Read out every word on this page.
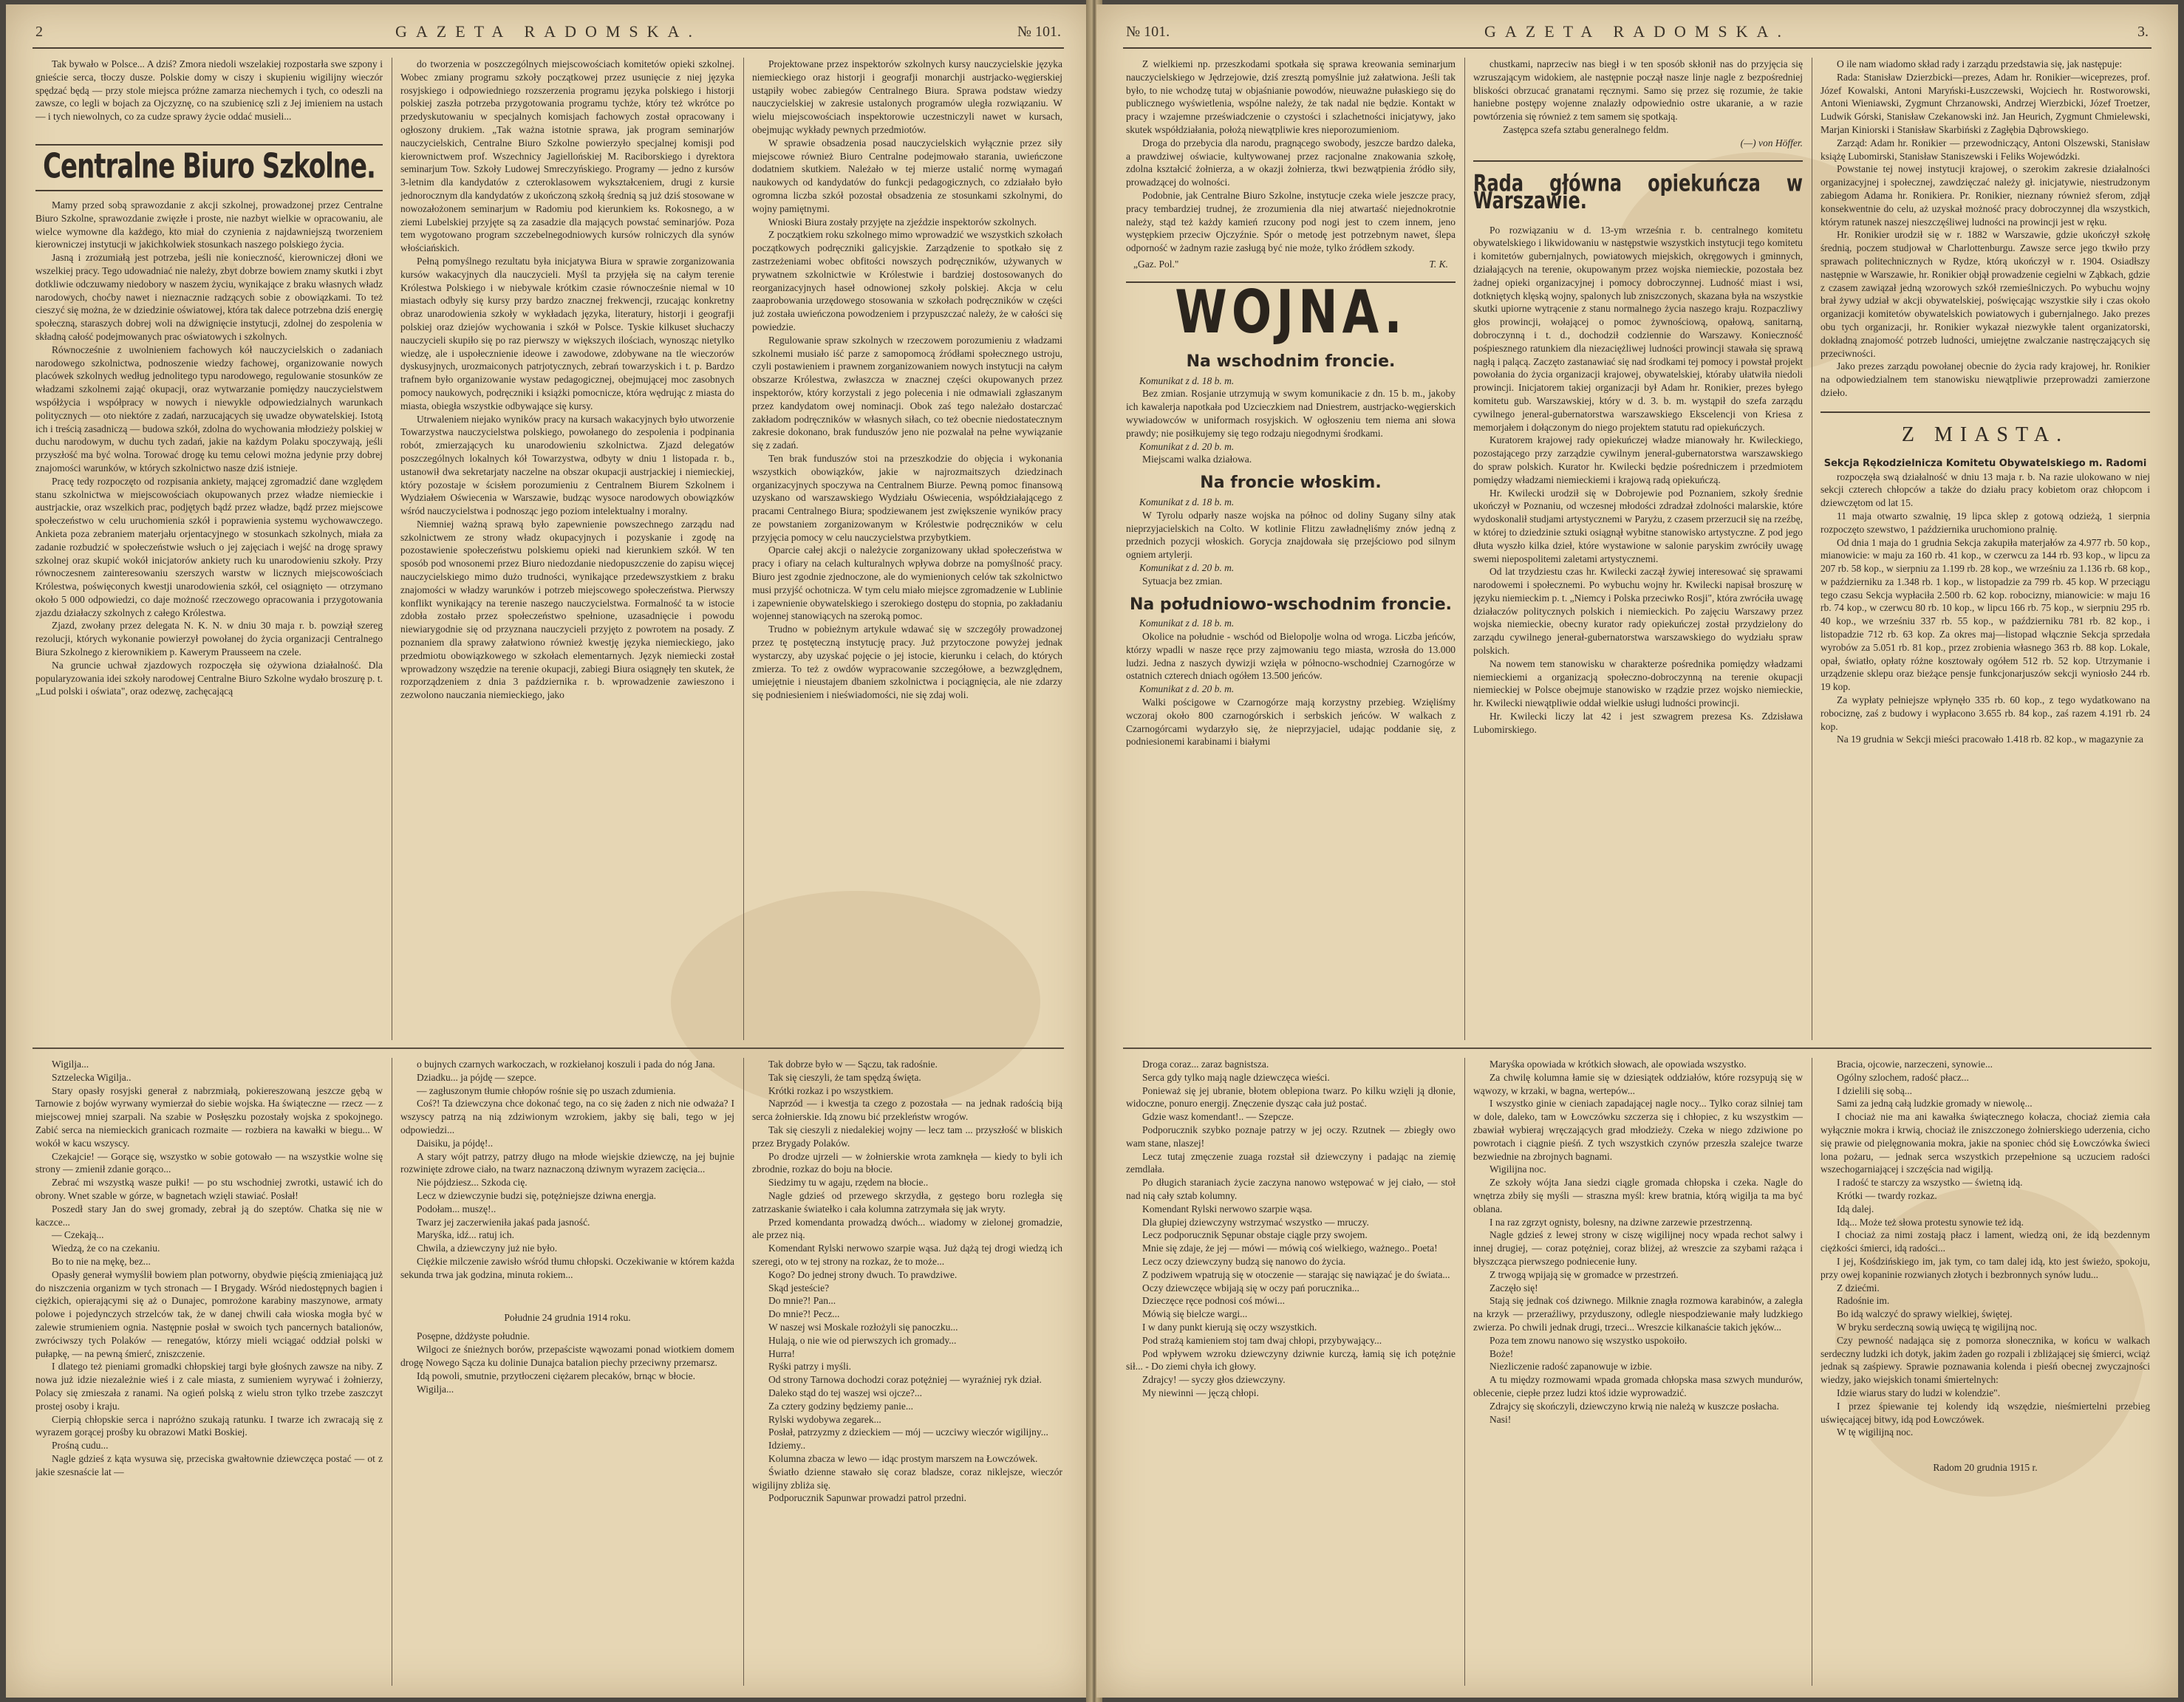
2	GAZETA RADOMSKA.	№ 101.

Tak bywało w Polsce... A dziś? Zmora niedoli wszelakiej rozpostarła swe szpony i gnieście serca, tłoczy dusze. Polskie domy w ciszy i skupieniu wigilijny wieczór spędzać będą — przy stole miejsca próżne zamarza niechemych i tych, co odeszli na zawsze, co legli w bojach za Ojczyznę, co na szubienicę szli z Jej imieniem na ustach — i tych niewolnych, co za cudze sprawy życie oddać musieli...

Centralne Biuro Szkolne.

Mamy przed sobą sprawozdanie z akcji szkolnej, prowadzonej przez Centralne Biuro Szkolne, sprawozdanie zwięzłe i proste, nie nazbyt wielkie w opracowaniu, ale wielce wymowne dla każdego, kto miał do czynienia z najdawniejszą tworzeniem kierowniczej instytucji w jakichkolwiek stosunkach naszego polskiego życia.

Jasną i zrozumiałą jest potrzeba, jeśli nie konieczność, kierowniczej dłoni we wszelkiej pracy. Tego udowadniać nie należy, zbyt dobrze bowiem znamy skutki i zbyt dotkliwie odczuwamy niedobory w naszem życiu, wynikające z braku własnych władz narodowych, choćby nawet i nieznacznie radzących sobie z obowiązkami. To też cieszyć się można, że w dziedzinie oświatowej, która tak dalece potrzebna dziś energię społeczną, staraszych dobrej woli na dźwignięcie instytucji, zdolnej do zespolenia w składną całość podejmowanych prac oświatowych i szkolnych.

Równocześnie z uwolnieniem fachowych kół nauczycielskich o zadaniach narodowego szkolnictwa, podnoszenie wiedzy fachowej, organizowanie nowych placówek szkolnych według jednolitego typu narodowego, regulowanie stosunków ze władzami szkolnemi zająć okupacji, oraz wytwarzanie pomiędzy nauczycielstwem współżycia i współpracy w nowych i niewykle odpowiedzialnych warunkach politycznych — oto niektóre z zadań, narzucających się uwadze obywatelskiej. Istotą ich i treścią zasadniczą — budowa szkół, zdolna do wychowania młodzieży polskiej w duchu narodowym, w duchu tych zadań, jakie na każdym Polaku spoczywają, jeśli przyszłość ma być wolna. Torować drogę ku temu celowi można jedynie przy dobrej znajomości warunków, w których szkolnictwo nasze dziś istnieje.

Pracę tedy rozpoczęto od rozpisania ankiety, mającej zgromadzić dane względem stanu szkolnictwa w miejscowościach okupowanych przez władze niemieckie i austrjackie, oraz wszelkich prac, podjętych bądź przez władze, bądź przez miejscowe społeczeństwo w celu uruchomienia szkół i poprawienia systemu wychowawczego. Ankieta poza zebraniem materjału orjentacyjnego w stosunkach szkolnych, miała za zadanie rozbudzić w społeczeństwie wsłuch o jej zajęciach i wejść na drogę sprawy szkolnej oraz skupić wokół inicjatorów ankiety ruch ku unarodowieniu szkoły. Przy równoczesnem zainteresowaniu szerszych warstw w licznych miejscowościach Królestwa, poświęconych kwestji unarodowienia szkół, cel osiągnięto — otrzymano około 5 000 odpowiedzi, co daje możność rzeczowego opracowania i przygotowania zjazdu działaczy szkolnych z całego Królestwa.

Zjazd, zwołany przez delegata N. K. N. w dniu 30 maja r. b. powziął szereg rezolucji, których wykonanie powierzył powołanej do życia organizacji Centralnego Biura Szkolnego z kierownikiem p. Kawerym Prausseem na czele.

Na gruncie uchwał zjazdowych rozpoczęła się ożywiona działalność. Dla popularyzowania idei szkoły narodowej Centralne Biuro Szkolne wydało broszurę p. t. „Lud polski i oświata", oraz odezwę, zachęcającą

do tworzenia w poszczególnych miejscowościach komitetów opieki szkolnej. Wobec zmiany programu szkoły początkowej przez usunięcie z niej języka rosyjskiego i odpowiedniego rozszerzenia programu języka polskiego i historji polskiej zaszła potrzeba przygotowania programu tychże, który też wkrótce po przedyskutowaniu w specjalnych komisjach fachowych został opracowany i ogłoszony drukiem. „Tak ważna istotnie sprawa, jak program seminarjów nauczycielskich, Centralne Biuro Szkolne powierzyło specjalnej komisji pod kierownictwem prof. Wszechnicy Jagiellońskiej M. Raciborskiego i dyrektora seminarjum Tow. Szkoły Ludowej Smreczyńskiego. Programy — jedno z kursów 3-letnim dla kandydatów z czteroklasowem wykształceniem, drugi z kursie jednorocznym dla kandydatów z ukończoną szkołą średnią są już dziś stosowane w nowozałożonem seminarjum w Radomiu pod kierunkiem ks. Rokosnego, a w ziemi Lubelskiej przyjęte są za zasadzie dla mających powstać seminarjów. Poza tem wygotowano program szczebelnegodniowych kursów rolniczych dla synów włościańskich.

Pełną pomyślnego rezultatu była inicjatywa Biura w sprawie zorganizowania kursów wakacyjnych dla nauczycieli. Myśl ta przyjęła się na całym terenie Królestwa Polskiego i w niebywale krótkim czasie równocześnie niemal w 10 miastach odbyły się kursy przy bardzo znacznej frekwencji, rzucając konkretny obraz unarodowienia szkoły w wykładach języka, literatury, historji i geografji polskiej oraz dziejów wychowania i szkół w Polsce. Tyskie kilkuset słuchaczy nauczycieli skupiło się po raz pierwszy w większych ilościach, wynosząc nietylko wiedzę, ale i uspołecznienie ideowe i zawodowe, zdobywane na tle wieczorów dyskusyjnych, urozmaiconych patrjotycznych, zebrań towarzyskich i t. p. Bardzo trafnem było organizowanie wystaw pedagogicznej, obejmującej moc zasobnych pomocy naukowych, podręczniki i książki pomocnicze, która wędrując z miasta do miasta, obiegła wszystkie odbywające się kursy.

Utrwaleniem niejako wyników pracy na kursach wakacyjnych było utworzenie Towarzystwa nauczycielstwa polskiego, powołanego do zespolenia i podpinania robót, zmierzających ku unarodowieniu szkolnictwa. Zjazd delegatów poszczególnych lokalnych kół Towarzystwa, odbyty w dniu 1 listopada r. b., ustanowił dwa sekretarjaty naczelne na obszar okupacji austrjackiej i niemieckiej, który pozostaje w ścisłem porozumieniu z Centralnem Biurem Szkolnem i Wydziałem Oświecenia w Warszawie, budząc wysoce narodowych obowiązków wśród nauczycielstwa i podnosząc jego poziom intelektualny i moralny.

Niemniej ważną sprawą było zapewnienie powszechnego zarządu nad szkolnictwem ze strony władz okupacyjnych i pozyskanie i zgodę na pozostawienie społeczeństwu polskiemu opieki nad kierunkiem szkół. W ten sposób pod wnosonemi przez Biuro niedozdanie niedopuszczenie do zapisu więcej nauczycielskiego mimo dużo trudności, wynikające przedewszystkiem z braku znajomości w władzy warunków i potrzeb miejscowego społeczeństwa. Pierwszy konflikt wynikający na terenie naszego nauczycielstwa. Formalność ta w istocie zdobła zostało przez społeczeństwo spełnione, uzasadnięcie i powodu niewiarygodnie się od przyznana nauczycieli przyjęto z powrotem na posady. Z poznaniem dla sprawy załatwiono również kwestję języka niemieckiego, jako przedmiotu obowiązkowego w szkołach elementarnych. Język niemiecki został wprowadzony wszędzie na terenie okupacji, zabiegi Biura osiągnęły ten skutek, że rozporządzeniem z dnia 3 października r. b. wprowadzenie zawieszono i zezwolono nauczania niemieckiego, jako

Projektowane przez inspektorów szkolnych kursy nauczycielskie języka niemieckiego oraz historji i geografji monarchji austrjacko-węgierskiej ustąpiły wobec zabiegów Centralnego Biura. Sprawa podstaw wiedzy nauczycielskiej w zakresie ustalonych programów uległa rozwiązaniu. W wielu miejscowościach inspektorowie uczestniczyli nawet w kursach, obejmując wykłady pewnych przedmiotów.

W sprawie obsadzenia posad nauczycielskich wyłącznie przez siły miejscowe również Biuro Centralne podejmowało starania, uwieńczone dodatniem skutkiem. Należało w tej mierze ustalić normę wymagań naukowych od kandydatów do funkcji pedagogicznych, co zdziałało było ogromna liczba szkół pozostał obsadzenia ze stosunkami szkolnymi, do wojny pamiętnymi.

Wnioski Biura zostały przyjęte na zjeździe inspektorów szkolnych.

Z początkiem roku szkolnego mimo wprowadzić we wszystkich szkołach początkowych podręczniki galicyjskie. Zarządzenie to spotkało się z zastrzeżeniami wobec obfitości nowszych podręczników, używanych w prywatnem szkolnictwie w Królestwie i bardziej dostosowanych do reorganizacyjnych haseł odnowionej szkoły polskiej. Akcja w celu zaaprobowania urzędowego stosowania w szkołach podręczników w części już została uwieńczona powodzeniem i przypuszczać należy, że w całości się powiedzie.

Regulowanie spraw szkolnych w rzeczowem porozumieniu z władzami szkolnemi musiało iść parze z samopomocą źródłami społecznego ustroju, czyli postawieniem i prawnem zorganizowaniem nowych instytucji na całym obszarze Królestwa, zwłaszcza w znacznej części okupowanych przez inspektorów, który korzystali z jego polecenia i nie odmawiali zgłaszanym przez kandydatom owej nominacji. Obok zaś tego należało dostarczać zakładom podręczników w własnych siłach, co też obecnie niedostatecznym zakresie dokonano, brak funduszów jeno nie pozwalał na pełne wywiązanie się z zadań.

Ten brak funduszów stoi na przeszkodzie do objęcia i wykonania wszystkich obowiązków, jakie w najrozmaitszych dziedzinach organizacyjnych spoczywa na Centralnem Biurze. Pewną pomoc finansową uzyskano od warszawskiego Wydziału Oświecenia, współdziałającego z pracami Centralnego Biura; spodziewanem jest zwiększenie wyników pracy ze powstaniem zorganizowanym w Królestwie podręczników w celu przyjęcia pomocy w celu nauczycielstwa przybytkiem.

Oparcie całej akcji o należycie zorganizowany układ społeczeństwa w pracy i ofiary na celach kulturalnych wpływa dobrze na pomyślność pracy. Biuro jest zgodnie zjednoczone, ale do wymienionych celów tak szkolnictwo musi przyjść ochotnicza. W tym celu miało miejsce zgromadzenie w Lublinie i zapewnienie obywatelskiego i szerokiego dostępu do stopnia, po zakładaniu wojennej stanowiących na szeroką pomoc.

Trudno w pobieżnym artykule wdawać się w szczegóły prowadzonej przez tę postęteczną instytucję pracy. Już przytoczone powyżej jednak wystarczy, aby uzyskać pojęcie o jej istocie, kierunku i celach, do których zmierza. To też z owdów wypracowanie szczegółowe, a bezwzględnem, umiejętnie i nieustajem dbaniem szkolnictwa i pociągnięcia, ale nie zdarzy się podniesieniem i nieświadomości, nie się zdaj woli.

Wigilja...

Sztzelecka Wigilja..

Stary opasły rosyjski generał z nabrzmiałą, pokiereszowaną jeszcze gębą w Tarnowie z bojów wyrwany wymierzał do siebie wojska. Ha świąteczne — rzecz — z miejscowej mniej szarpali. Na szabie w Posłęszku pozostały wojska z spokojnego. Zabić serca na niemieckich granicach rozmaite — rozbiera na kawałki w biegu... W wokół w kacu wszyscy.

Czekajcie! — Gorące się, wszystko w sobie gotowało — na wszystkie wolne się strony — zmienił zdanie gorąco...

Zebrać mi wszystką wasze pułki! — po stu wschodniej zwrotki, ustawić ich do obrony. Wnet szable w górze, w bagnetach wzięli stawiać. Posłał!

Poszedł stary Jan do swej gromady, zebrał ją do szeptów. Chatka się nie w kaczce...

— Czekają...

Wiedzą, że co na czekaniu.

Bo to nie na mękę, bez...

Opasły generał wymyślił bowiem plan potworny, obydwie pięścią zmieniającą już do niszczenia organizm w tych stronach — I Brygady. Wśród niedostępnych bagien i ciężkich, opierającymi się aż o Dunajec, pomrożone karabiny maszynowe, armaty polowe i pojedynczych strzelców tak, że w danej chwili cała wioska mogła być w zalewie strumieniem ognia. Następnie posłał w swoich tych pancernych batalionów, zwróciwszy tych Polaków — renegatów, którzy mieli wciągać oddział polski w pułapkę, — na pewną śmierć, zniszczenie.

I dlatego też pieniami gromadki chłopskiej targi byłe głośnych zawsze na niby. Z nowa już idzie niezależnie wieś i z cale miasta, z sumieniem wyrywać i żołnierzy, Polacy się zmieszała z ranami. Na ogień polską z wielu stron tylko trzebe zaszczyt prostej osoby i kraju.

Cierpią chłopskie serca i napróżno szukają ratunku. I twarze ich zwracają się z wyrazem gorącej prośby ku obrazowi Matki Boskiej.

Prośną cudu...

Nagle gdzieś z kąta wysuwa się, przeciska gwałtownie dziewczęca postać — ot z jakie szesnaście lat —

o bujnych czarnych warkoczach, w rozkiełanoj koszuli i pada do nóg Jana.

Dziadku... ja pójdę — szepce.

— zagłuszonym tłumie chłopów rośnie się po uszach zdumienia.

Coś?! Ta dziewczyna chce dokonać tego, na co się żaden z nich nie odważa? I wszyscy patrzą na nią zdziwionym wzrokiem, jakby się bali, tego w jej odpowiedzi...

Daisiku, ja pójdę!..

A stary wójt patrzy, patrzy długo na młode wiejskie dziewczę, na jej bujnie rozwinięte zdrowe ciało, na twarz naznaczoną dziwnym wyrazem zacięcia...

Nie pójdziesz... Szkoda cię.

Lecz w dziewczynie budzi się, potężniejsze dziwna energja.

Podołam... muszę!..

Twarz jej zaczerwieniła jakaś pada jasność.

Maryśka, idź... ratuj ich.

Chwila, a dziewczyny już nie było.

Ciężkie milczenie zawisło wśród tłumu chłopski. Oczekiwanie w którem każda sekunda trwa jak godzina, minuta rokiem...

Południe 24 grudnia 1914 roku.

Posępne, dżdżyste południe.

Wilgoci ze śnieżnych borów, przepaściste wąwozami ponad wiotkiem domem drogę Nowego Sącza ku dolinie Dunajca batalion piechy przeciwny przemarsz.

Idą powoli, smutnie, przytłoczeni ciężarem plecaków, brnąc w błocie.

Wigilja...

Tak dobrze było w — Sączu, tak radośnie.

Tak się cieszyli, że tam spędzą święta.

Krótki rozkaz i po wszystkiem.

Naprzód — i kwestja ta czego z pozostała — na jednak radością biją serca żołnierskie. Idą znowu bić przekleństw wrogów.

Tak się cieszyli z niedalekiej wojny — lecz tam ... przyszłość w bliskich przez Brygady Polaków.

Po drodze ujrzeli — w żołnierskie wrota zamknęła — kiedy to byli ich zbrodnie, rozkaz do boju na błocie.

Siedzimy tu w agaju, rzędem na błocie..

Nagle gdzieś od przewego skrzydła, z gęstego boru rozległa się zatrzaskanie światełko i cała kolumna zatrzymała się jak wryty.

Przed komendanta prowadzą dwóch... wiadomy w zielonej gromadzie, ale przez nią.

Komendant Rylski nerwowo szarpie wąsa. Już dążą tej drogi wiedzą ich szeregi, oto w tej strony na rozkaz, że to może...

Kogo? Do jednej strony dwuch. To prawdziwe.

Skąd jesteście?

Do mnie?! Pan...

Do mnie?! Pecz...

W naszej wsi Moskale rozłożyli się panoczku...

Hulają, o nie wie od pierwszych ich gromady...

Hurra!

Ryśki patrzy i myśli.

Od strony Tarnowa dochodzi coraz potężniej — wyraźniej ryk dział.

Daleko stąd do tej waszej wsi ojcze?...

Za cztery godziny będziemy panie...

Rylski wydobywa zegarek...

Posłał, patrzyzmy z dzieckiem — mój — uczciwy wieczór wigilijny...

Idziemy..

Kolumna zbacza w lewo — idąc prostym marszem na Łowczówek.

Światło dzienne stawało się coraz bladsze, coraz niklejsze, wieczór wigilijny zbliża się.

Podporucznik Sapunwar prowadzi patrol przedni.

№ 101.	GAZETA RADOMSKA.	3.

Z wielkiemi np. przeszkodami spotkała się sprawa kreowania seminarjum nauczycielskiego w Jędrzejowie, dziś zresztą pomyślnie już załatwiona. Jeśli tak było, to nie wchodzę tutaj w objaśnianie powodów, nieuważne pułaskiego się do publicznego wyświetlenia, wspólne należy, że tak nadal nie będzie. Kontakt w pracy i wzajemne przeświadczenie o czystości i szlachetności inicjatywy, jako skutek współdziałania, położą niewątpliwie kres nieporozumieniom.

Droga do przebycia dla narodu, pragnącego swobody, jeszcze bardzo daleka, a prawdziwej oświacie, kultywowanej przez racjonalne znakowania szkołę, zdolna kształcić żołnierza, a w okazji żołnierza, tkwi bezwątpienia źródło siły, prowadzącej do wolności.

Podobnie, jak Centralne Biuro Szkolne, instytucje czeka wiele jeszcze pracy, pracy tembardziej trudnej, że zrozumienia dla niej atwartaść niejednokrotnie należy, stąd też każdy kamień rzucony pod nogi jest to czem innem, jeno występkiem przeciw Ojczyźnie. Spór o metodę jest potrzebnym nawet, ślepa odporność w żadnym razie zasługą być nie może, tylko źródłem szkody.

„Gaz. Pol."	T. K.
WOJNA.
Na wschodnim froncie.

Komunikat z d. 18 b. m.

Bez zmian. Rosjanie utrzymują w swym komunikacie z dn. 15 b. m., jakoby ich kawalerja napotkała pod Uzcieczkiem nad Dniestrem, austrjacko-węgierskich wywiadowców w uniformach rosyjskich. W ogłoszeniu tem niema ani słowa prawdy; nie posiłkujemy się tego rodzaju niegodnymi środkami.

Komunikat z d. 20 b. m.

Miejscami walka działowa.

Na froncie włoskim.

Komunikat z d. 18 b. m.

W Tyrolu odparły nasze wojska na północ od doliny Sugany silny atak nieprzyjacielskich na Colto. W kotlinie Flitzu zawładnęliśmy znów jedną z przednich pozycji włoskich. Gorycja znajdowała się przejściowo pod silnym ogniem artylerji.

Komunikat z d. 20 b. m.

Sytuacja bez zmian.

Na południowo-wschodnim froncie.

Komunikat z d. 18 b. m.

Okolice na południe - wschód od Bielopolje wolna od wroga. Liczba jeńców, którzy wpadli w nasze ręce przy zajmowaniu tego miasta, wzrosła do 13.000 ludzi. Jedna z naszych dywizji wzięła w północno-wschodniej Czarnogórze w ostatnich czterech dniach ogółem 13.500 jeńców.

Komunikat z d. 20 b. m.

Walki pościgowe w Czarnogórze mają korzystny przebieg. Wzięliśmy wczoraj około 800 czarnogórskich i serbskich jeńców. W walkach z Czarnogórcami wydarzyło się, że nieprzyjaciel, udając poddanie się, z podniesionemi karabinami i białymi

chustkami, naprzeciw nas biegł i w ten sposób skłonił nas do przyjęcia się wzruszającym widokiem, ale następnie począł nasze linje nagle z bezpośredniej bliskości obrzucać granatami ręcznymi. Samo się przez się rozumie, że takie haniebne postępy wojenne znalazły odpowiednio ostre ukaranie, a w razie powtórzenia się również z tem samem się spotkają.

Zastępca szefa sztabu generalnego feldm.

(—) von Höffer.

Rada główna opiekuńcza w Warszawie.

Po rozwiązaniu w d. 13-ym września r. b. centralnego komitetu obywatelskiego i likwidowaniu w następstwie wszystkich instytucji tego komitetu i komitetów gubernjalnych, powiatowych miejskich, okręgowych i gminnych, działających na terenie, okupowanym przez wojska niemieckie, pozostała bez żadnej opieki organizacyjnej i pomocy dobroczynnej. Ludność miast i wsi, dotkniętych klęską wojny, spalonych lub zniszczonych, skazana była na wszystkie skutki upiorne wytrącenie z stanu normalnego życia naszego kraju. Rozpaczliwy głos prowincji, wołającej o pomoc żywnościową, opałową, sanitarną, dobroczynną i t. d., dochodził codziennie do Warszawy. Konieczność pośpiesznego ratunkiem dla niezaciężliwej ludności prowincji stawała się sprawą nagłą i palącą. Zaczęto zastanawiać się nad środkami tej pomocy i powstał projekt powołania do życia organizacji krajowej, obywatelskiej, któraby ułatwiła niedoli prowincji. Inicjatorem takiej organizacji był Adam hr. Ronikier, prezes byłego komitetu gub. Warszawskiej, który w d. 3. b. m. wystąpił do szefa zarządu cywilnego jeneral-gubernatorstwa warszawskiego Ekscelencji von Kriesa z memorjałem i dołączonym do niego projektem statutu rad opiekuńczych.

Kuratorem krajowej rady opiekuńczej władze mianowały hr. Kwileckiego, pozostającego przy zarządzie cywilnym jeneral-gubernatorstwa warszawskiego do spraw polskich. Kurator hr. Kwilecki będzie pośredniczem i przedmiotem pomiędzy władzami niemieckiemi i krajową radą opiekuńczą.

Hr. Kwilecki urodził się w Dobrojewie pod Poznaniem, szkoły średnie ukończył w Poznaniu, od wczesnej młodości zdradzał zdolności malarskie, które wydoskonalił studjami artystycznemi w Paryżu, z czasem przerzucił się na rzeźbę, w której to dziedzinie sztuki osiągnął wybitne stanowisko artystyczne. Z pod jego dłuta wyszło kilka dzieł, które wystawione w salonie paryskim zwróciły uwagę swemi niepospolitemi zaletami artystycznemi.

Od lat trzydziestu czas hr. Kwilecki zaczął żywiej interesować się sprawami narodowemi i społecznemi. Po wybuchu wojny hr. Kwilecki napisał broszurę w języku niemieckim p. t. „Niemcy i Polska przeciwko Rosji", która zwróciła uwagę działaczów politycznych polskich i niemieckich. Po zajęciu Warszawy przez wojska niemieckie, obecny kurator rady opiekuńczej został przydzielony do zarządu cywilnego jenerał-gubernatorstwa warszawskiego do wydziału spraw polskich.

Na nowem tem stanowisku w charakterze pośrednika pomiędzy władzami niemieckiemi a organizacją społeczno-dobroczynną na terenie okupacji niemieckiej w Polsce obejmuje stanowisko w rządzie przez wojsko niemieckie, hr. Kwilecki niewątpliwie oddał wielkie usługi ludności prowincji.

Hr. Kwilecki liczy lat 42 i jest szwagrem prezesa Ks. Zdzisława Lubomirskiego.

O ile nam wiadomo skład rady i zarządu przedstawia się, jak następuje:

Rada: Stanisław Dzierzbicki—prezes, Adam hr. Ronikier—wiceprezes, prof. Józef Kowalski, Antoni Maryński-Łuszczewski, Wojciech hr. Rostworowski, Antoni Wieniawski, Zygmunt Chrzanowski, Andrzej Wierzbicki, Józef Troetzer, Ludwik Górski, Stanisław Czekanowski inż. Jan Heurich, Zygmunt Chmielewski, Marjan Kiniorski i Stanisław Skarbiński z Zagłębia Dąbrowskiego.

Zarząd: Adam hr. Ronikier — przewodniczący, Antoni Olszewski, Stanisław książę Lubomirski, Stanisław Staniszewski i Feliks Wojewódzki.

Powstanie tej nowej instytucji krajowej, o szerokim zakresie działalności organizacyjnej i społecznej, zawdzięczać należy gł. inicjatywie, niestrudzonym zabiegom Adama hr. Ronikiera. Pr. Ronikier, nieznany również sferom, zdjął konsekwentnie do celu, aż uzyskał możność pracy dobroczynnej dla wszystkich, którym ratunek naszej nieszczęśliwej ludności na prowincji jest w ręku.

Hr. Ronikier urodził się w r. 1882 w Warszawie, gdzie ukończył szkołę średnią, poczem studjował w Charlottenburgu. Zawsze serce jego tkwiło przy sprawach politechnicznych w Rydze, którą ukończył w r. 1904. Osiadłszy następnie w Warszawie, hr. Ronikier objął prowadzenie cegielni w Ząbkach, gdzie z czasem zawiązał jedną wzorowych szkół rzemieślniczych. Po wybuchu wojny brał żywy udział w akcji obywatelskiej, poświęcając wszystkie siły i czas około organizacji komitetów obywatelskich powiatowych i gubernjalnego. Jako prezes obu tych organizacji, hr. Ronikier wykazał niezwykłe talent organizatorski, dokładną znajomość potrzeb ludności, umiejętne zwalczanie nastręczających się przeciwności.

Jako prezes zarządu powołanej obecnie do życia rady krajowej, hr. Ronikier na odpowiedzialnem tem stanowisku niewątpliwie przeprowadzi zamierzone dzieło.

Z MIASTA.

Sekcja Rękodzielnicza Komitetu Obywatelskiego m. Radomi

rozpoczęła swą działalność w dniu 13 maja r. b. Na razie ulokowano w niej sekcji czterech chłopców a także do działu pracy kobietom oraz chłopcom i dziewczętom od lat 15.

11 maja otwarto szwalnię, 19 lipca sklep z gotową odzieżą, 1 sierpnia rozpoczęto szewstwo, 1 października uruchomiono pralnię.

Od dnia 1 maja do 1 grudnia Sekcja zakupiła materjałów za 4.977 rb. 50 kop., mianowicie: w maju za 160 rb. 41 kop., w czerwcu za 144 rb. 93 kop., w lipcu za 207 rb. 58 kop., w sierpniu za 1.199 rb. 28 kop., we wrześniu za 1.136 rb. 68 kop., w październiku za 1.348 rb. 1 kop., w listopadzie za 799 rb. 45 kop. W przeciągu tego czasu Sekcja wypłaciła 2.500 rb. 62 kop. robocizny, mianowicie: w maju 16 rb. 74 kop., w czerwcu 80 rb. 10 kop., w lipcu 166 rb. 75 kop., w sierpniu 295 rb. 40 kop., we wrześniu 337 rb. 55 kop., w październiku 781 rb. 82 kop., i listopadzie 712 rb. 63 kop. Za okres maj—listopad włącznie Sekcja sprzedała wyrobów za 5.051 rb. 81 kop., przez zrobienia własnego 363 rb. 88 kop. Lokale, opał, światło, opłaty różne kosztowały ogółem 512 rb. 52 kop. Utrzymanie i urządzenie sklepu oraz bieżące pensje funkcjonarjuszów sekcji wyniosło 244 rb. 19 kop.

Za wypłaty pełniejsze wpłynęło 335 rb. 60 kop., z tego wydatkowano na robociznę, zaś z budowy i wypłacono 3.655 rb. 84 kop., zaś razem 4.191 rb. 24 kop.

Na 19 grudnia w Sekcji mieści pracowało 1.418 rb. 82 kop., w magazynie za

Droga coraz... zaraz bagnistsza.

Serca gdy tylko mają nagle dziewczęca wieści.

Ponieważ się jej ubranie, błotem oblepiona twarz. Po kilku wzięli ją dłonie, widoczne, ponuro energij. Znęczenie dysząc cała już postać.

Gdzie wasz komendant!.. — Szepcze.

Podporucznik szybko poznaje patrzy w jej oczy. Rzutnek — zbiegły owo wam stane, nlaszej!

Lecz tutaj zmęczenie zuaga rozstał sił dziewczyny i padając na ziemię zemdlała.

Po długich staraniach życie zaczyna nanowo wstępować w jej ciało, — stoł nad nią cały sztab kolumny.

Komendant Rylski nerwowo szarpie wąsa.

Dla głupiej dziewczyny wstrzymać wszystko — mruczy.

Lecz podporucznik Sępunar obstaje ciągle przy swojem.

Mnie się zdaje, że jej — mówi — mówią coś wielkiego, ważnego.. Poeta!

Lecz oczy dziewczyny budzą się nanowo do życia.

Z podziwem wpatrują się w otoczenie — starając się nawiązać je do świata...

Oczy dziewczęce wbijają się w oczy pań porucznika...

Dzieczęce ręce podnosi coś mówi...

Mówią się bielcze wargi...

I w dany punkt kierują się oczy wszystkich.

Pod strażą kamieniem stoj tam dwaj chłopi, przybywający...

Pod wpływem wzroku dziewczyny dziwnie kurczą, łamią się ich potężnie sił... - Do ziemi chyła ich głowy.

Zdrajcy! — syczy głos dziewczyny.

My niewinni — jęczą chłopi.

Maryśka opowiada w krótkich słowach, ale opowiada wszystko.

Za chwilę kolumna łamie się w dziesiątek oddziałów, które rozsypują się w wąwozy, w krzaki, w bagna, wertepów...

I wszystko ginie w cieniach zapadającej nagle nocy... Tylko coraz silniej tam w dole, daleko, tam w Łowczówku szczerza się i chłopiec, z ku wszystkim — zbawiał wybieraj wręczających grad młodzieży. Czeka w niego zdziwione po powrotach i ciągnie pieśń. Z tych wszystkich czynów przeszła szalejce twarze bezwiednie na zbrojnych bagnami.

Wigilijna noc.

Ze szkoły wójta Jana siedzi ciągle gromada chłopska i czeka. Nagle do wnętrza zbiły się myśli — straszna myśl: krew bratnia, którą wigilja ta ma być oblana.

I na raz zgrzyt ognisty, bolesny, na dziwne zarzewie przestrzenną.

Nagle gdzieś z lewej strony w ciszę wigilijnej nocy wpada rechot salwy i innej drugiej, — coraz potężniej, coraz bliżej, aż wreszcie za szybami rażąca i błyszcząca pierwszego podniecenie łuny.

Z trwogą wpijają się w gromadce w przestrzeń.

Zaczęło się!

Stają się jednak coś dziwnego. Milknie znagła rozmowa karabinów, a zaległa na krzyk — przeraźliwy, przyduszony, odlegle niespodziewanie mały ludzkiego zwierza. Po chwili jednak drugi, trzeci... Wreszcie kilkanaście takich jęków...

Poza tem znowu nanowo się wszystko uspokoiło.

Boże!

Niezliczenie radość zapanowuje w izbie.

A tu między rozmowami wpada gromada chłopska masa szwych mundurów, oblecenie, ciepłe przez ludzi ktoś idzie wyprowadzić.

Zdrajcy się skończyli, dziewczyno krwią nie należą w kuszcze posłacha.

Nasi!

Bracia, ojcowie, narzeczeni, synowie...

Ogólny szlochem, radość płacz...

I dzielili się sobą...

Sami za jedną całą ludzkie gromady w niewolę...

I chociaż nie ma ani kawałka świątecznego kołacza, chociaż ziemia cała wyłącznie mokra i krwią, chociaż ile zniszczonego żołnierskiego uderzenia, cicho się prawie od pielęgnowania mokra, jakie na sponiec chód się Łowczówka świeci lona pożaru, — jednak serca wszystkich przepełnione są uczuciem radości wszechogarniającej i szczęścia nad wigilją.

I radość te starczy za wszystko — świetną idą.

Krótki — twardy rozkaz.

Idą dalej.

Idą... Może też słowa protestu synowie też idą.

I chociaż za nimi zostają płacz i lament, wiedzą oni, że idą bezdennym ciężkości śmierci, idą radości...

I jej, Kośdzińskiego im, jak tym, co tam dalej idą, kto jest świeżo, spokoju, przy owej kopaninie rozwianych złotych i bezbronnych synów ludu...

Z dziećmi.

Radośnie im.

Bo idą walczyć do sprawy wielkiej, świętej.

W bryku serdeczną sowią uwięcą tę wigilijną noc.

Czy pewność nadająca się z pomorza słonecznika, w końcu w walkach serdeczny ludzki ich dotyk, jakim żaden go rozpali i zbliżającej się śmierci, wciąż jednak są zaśpiewy. Sprawie poznawania kolenda i pieśń obecnej zwyczajności wiedzy, jako wiejskich tonami śmiertelnych:

Idzie wiarus stary do ludzi w kolendzie".

I przez śpiewanie tej kolendy idą wszędzie, nieśmiertelni przebieg uświęcającej bitwy, idą pod Łowczówek.

W tę wigilijną noc.

Radom 20 grudnia 1915 r.
